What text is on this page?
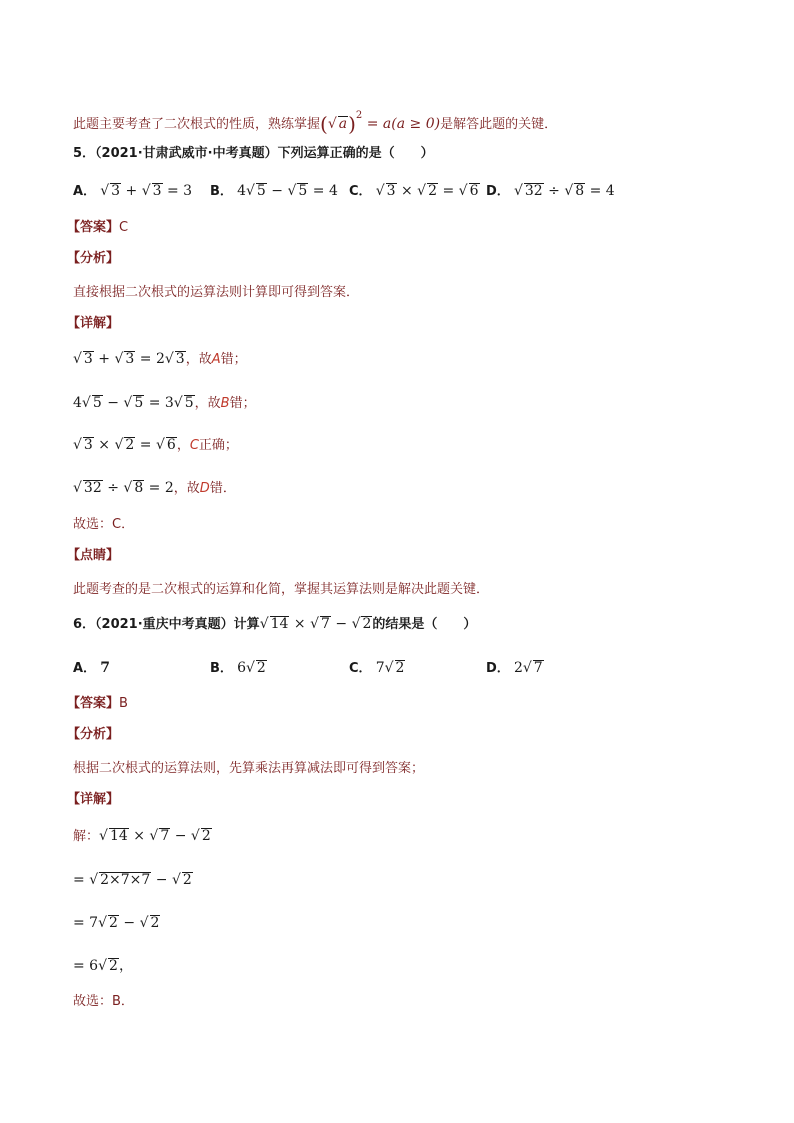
此题主要考查了二次根式的性质，熟练掌握(√ a)$^2$ = a(a ≥ 0)是解答此题的关键．
5．（2021·甘肃武威市·中考真题）下列运算正确的是（　　）
A． √ 3 + √ 3 = 3 B． 4√ 5 − √ 5 = 4 C． √ 3 × √ 2 = √ 6 D． √ 32 ÷ √ 8 = 4
【答案】C
【分析】
直接根据二次根式的运算法则计算即可得到答案．
【详解】
√ 3 + √ 3 = 2√ 3，故A错；
4√ 5 − √ 5 = 3√ 5，故B错；
√ 3 × √ 2 = √ 6，C正确；
√ 32 ÷ √ 8 = 2，故D错．
故选：C．
【点睛】
此题考查的是二次根式的运算和化简，掌握其运算法则是解决此题关键．
6．（2021·重庆中考真题）计算√ 14 × √ 7 − √ 2的结果是（　　）
A． 7	B． 6√ 2	C． 7√ 2	D． 2√ 7
【答案】B
【分析】
根据二次根式的运算法则，先算乘法再算减法即可得到答案；
【详解】
解：√ 14 × √ 7 − √ 2
= √ 2×7×7 − √ 2
= 7√ 2 − √ 2
= 6√ 2，
故选：B．
